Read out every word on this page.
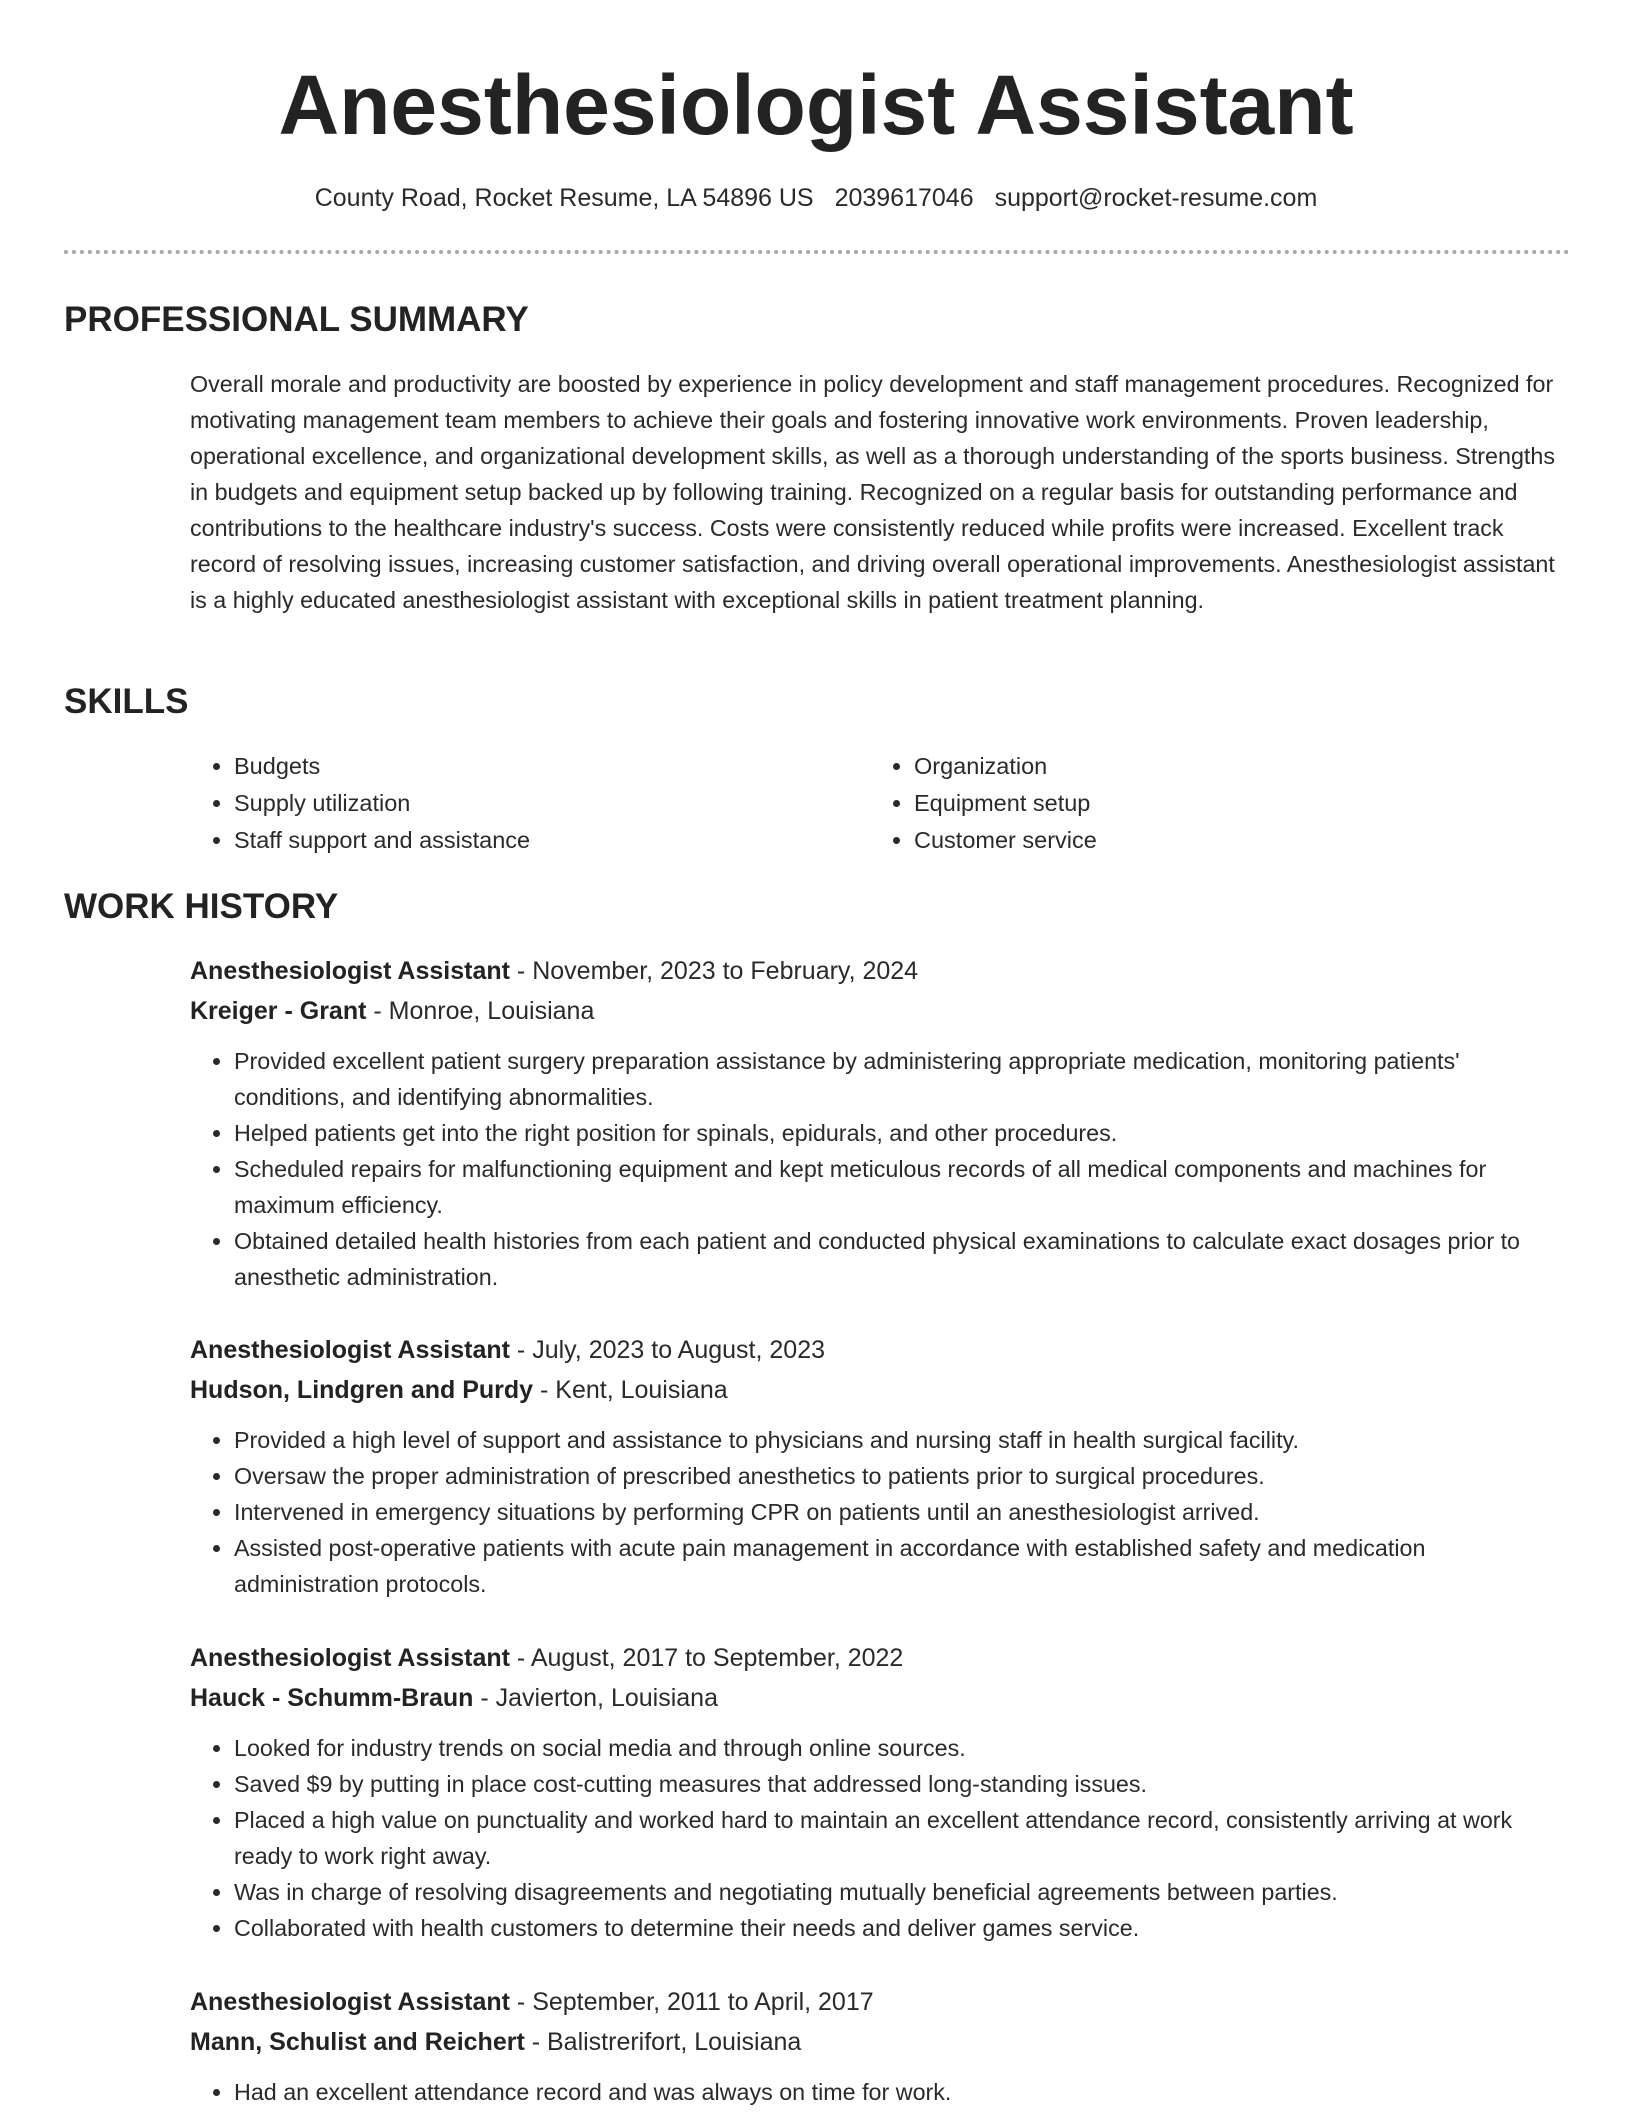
Anesthesiologist Assistant
County Road, Rocket Resume, LA 54896 US 2039617046 support@rocket-resume.com
PROFESSIONAL SUMMARY

Overall morale and productivity are boosted by experience in policy development and staff management procedures. Recognized for motivating management team members to achieve their goals and fostering innovative work environments. Proven leadership, operational excellence, and organizational development skills, as well as a thorough understanding of the sports business. Strengths in budgets and equipment setup backed up by following training. Recognized on a regular basis for outstanding performance and contributions to the healthcare industry's success. Costs were consistently reduced while profits were increased. Excellent track record of resolving issues, increasing customer satisfaction, and driving overall operational improvements. Anesthesiologist assistant is a highly educated anesthesiologist assistant with exceptional skills in patient treatment planning.

SKILLS
• Budgets
• Supply utilization
• Staff support and assistance
• Organization
• Equipment setup
• Customer service
WORK HISTORY
Anesthesiologist Assistant - November, 2023 to February, 2024
Kreiger - Grant - Monroe, Louisiana
• Provided excellent patient surgery preparation assistance by administering appropriate medication, monitoring patients' conditions, and identifying abnormalities.
• Helped patients get into the right position for spinals, epidurals, and other procedures.
• Scheduled repairs for malfunctioning equipment and kept meticulous records of all medical components and machines for maximum efficiency.
• Obtained detailed health histories from each patient and conducted physical examinations to calculate exact dosages prior to anesthetic administration.
Anesthesiologist Assistant - July, 2023 to August, 2023
Hudson, Lindgren and Purdy - Kent, Louisiana
• Provided a high level of support and assistance to physicians and nursing staff in health surgical facility.
• Oversaw the proper administration of prescribed anesthetics to patients prior to surgical procedures.
• Intervened in emergency situations by performing CPR on patients until an anesthesiologist arrived.
• Assisted post-operative patients with acute pain management in accordance with established safety and medication administration protocols.
Anesthesiologist Assistant - August, 2017 to September, 2022
Hauck - Schumm-Braun - Javierton, Louisiana
• Looked for industry trends on social media and through online sources.
• Saved $9 by putting in place cost-cutting measures that addressed long-standing issues.
• Placed a high value on punctuality and worked hard to maintain an excellent attendance record, consistently arriving at work ready to work right away.
• Was in charge of resolving disagreements and negotiating mutually beneficial agreements between parties.
• Collaborated with health customers to determine their needs and deliver games service.
Anesthesiologist Assistant - September, 2011 to April, 2017
Mann, Schulist and Reichert - Balistrerifort, Louisiana
• Had an excellent attendance record and was always on time for work.
